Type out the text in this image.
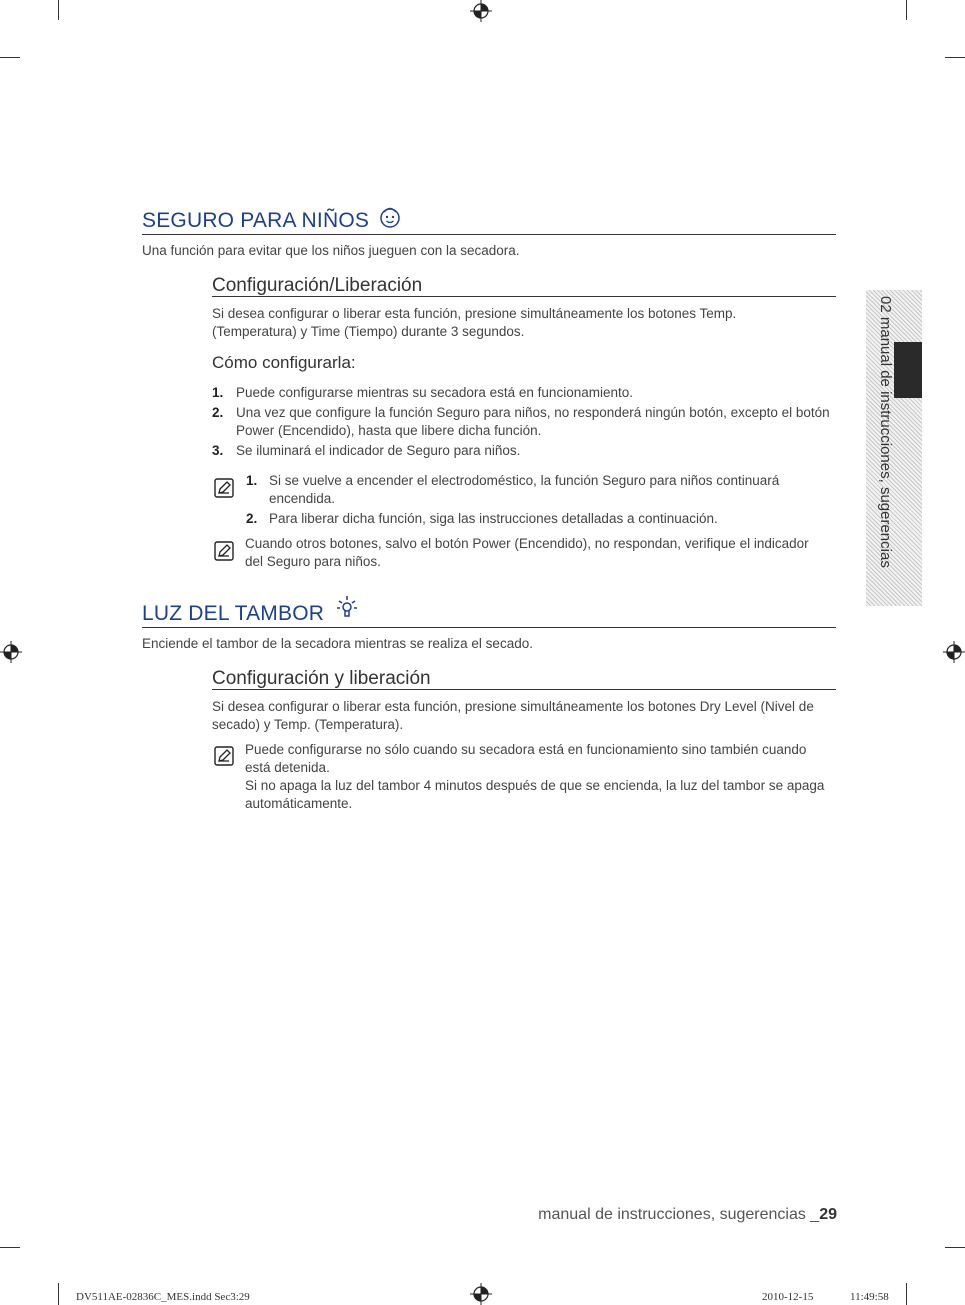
02 manual de instrucciones, sugerencias
SEGURO PARA NIÑOS
Una función para evitar que los niños jueguen con la secadora.
Configuración/Liberación
Si desea configurar o liberar esta función, presione simultáneamente los botones Temp. (Temperatura) y Time (Tiempo) durante 3 segundos.
Cómo configurarla:
1. Puede configurarse mientras su secadora está en funcionamiento.
2. Una vez que configure la función Seguro para niños, no responderá ningún botón, excepto el botón Power (Encendido), hasta que libere dicha función.
3. Se iluminará el indicador de Seguro para niños.
1. Si se vuelve a encender el electrodoméstico, la función Seguro para niños continuará encendida.
2. Para liberar dicha función, siga las instrucciones detalladas a continuación.
Cuando otros botones, salvo el botón Power (Encendido), no respondan, verifique el indicador del Seguro para niños.
LUZ DEL TAMBOR
Enciende el tambor de la secadora mientras se realiza el secado.
Configuración y liberación
Si desea configurar o liberar esta función, presione simultáneamente los botones Dry Level (Nivel de secado) y Temp. (Temperatura).
Puede configurarse no sólo cuando su secadora está en funcionamiento sino también cuando está detenida.
Si no apaga la luz del tambor 4 minutos después de que se encienda, la luz del tambor se apaga automáticamente.
manual de instrucciones, sugerencias _29
DV511AE-02836C_MES.indd Sec3:29	2010-12-15	11:49:58
